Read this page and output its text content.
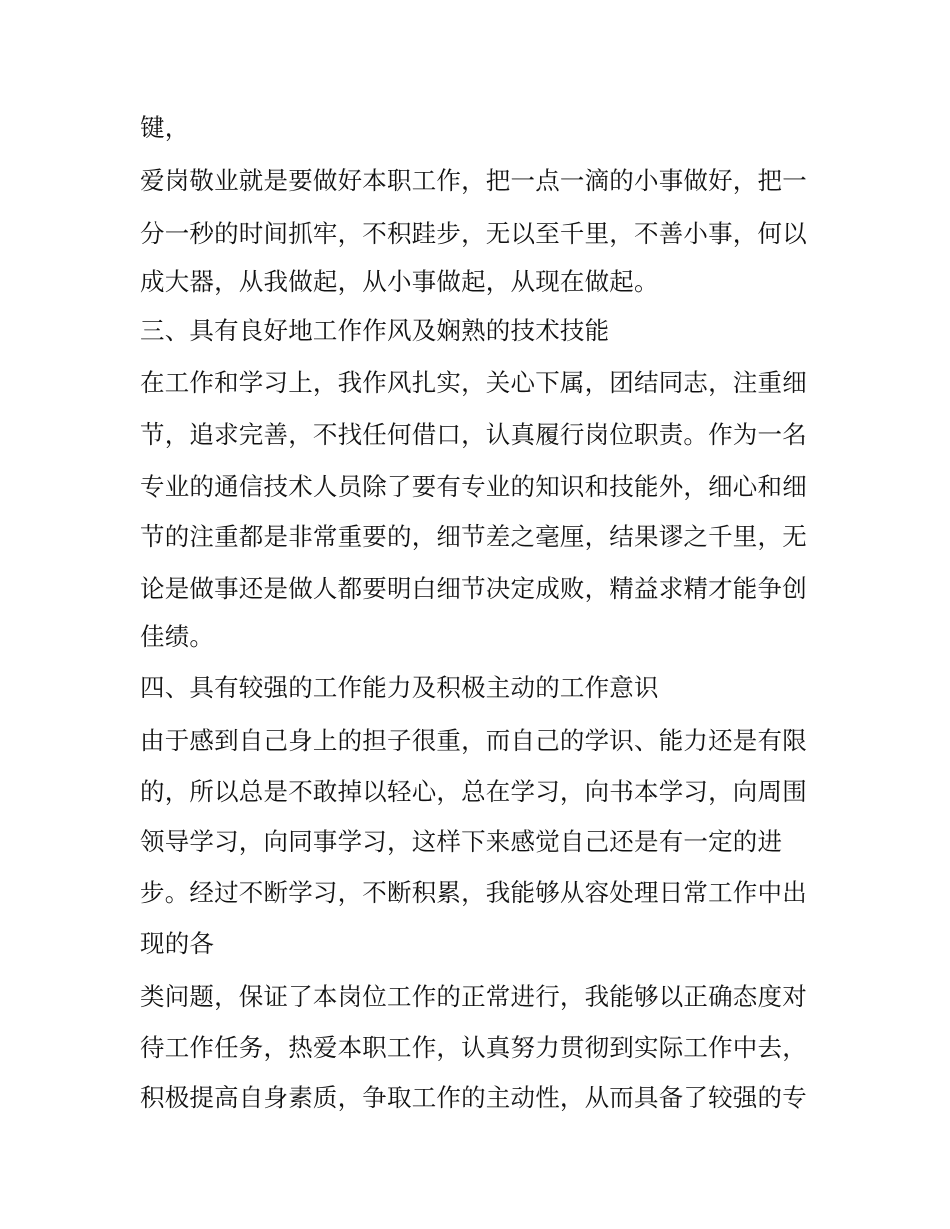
键，
爱岗敬业就是要做好本职工作，把一点一滴的小事做好，把一
分一秒的时间抓牢，不积跬步，无以至千里，不善小事，何以
成大器，从我做起，从小事做起，从现在做起。
三、具有良好地工作作风及娴熟的技术技能
在工作和学习上，我作风扎实，关心下属，团结同志，注重细
节，追求完善，不找任何借口，认真履行岗位职责。作为一名
专业的通信技术人员除了要有专业的知识和技能外，细心和细
节的注重都是非常重要的，细节差之毫厘，结果谬之千里，无
论是做事还是做人都要明白细节决定成败，精益求精才能争创
佳绩。
四、具有较强的工作能力及积极主动的工作意识
由于感到自己身上的担子很重，而自己的学识、能力还是有限
的，所以总是不敢掉以轻心，总在学习，向书本学习，向周围
领导学习，向同事学习，这样下来感觉自己还是有一定的进
步。经过不断学习，不断积累，我能够从容处理日常工作中出
现的各
类问题，保证了本岗位工作的正常进行，我能够以正确态度对
待工作任务，热爱本职工作，认真努力贯彻到实际工作中去，
积极提高自身素质，争取工作的主动性，从而具备了较强的专
